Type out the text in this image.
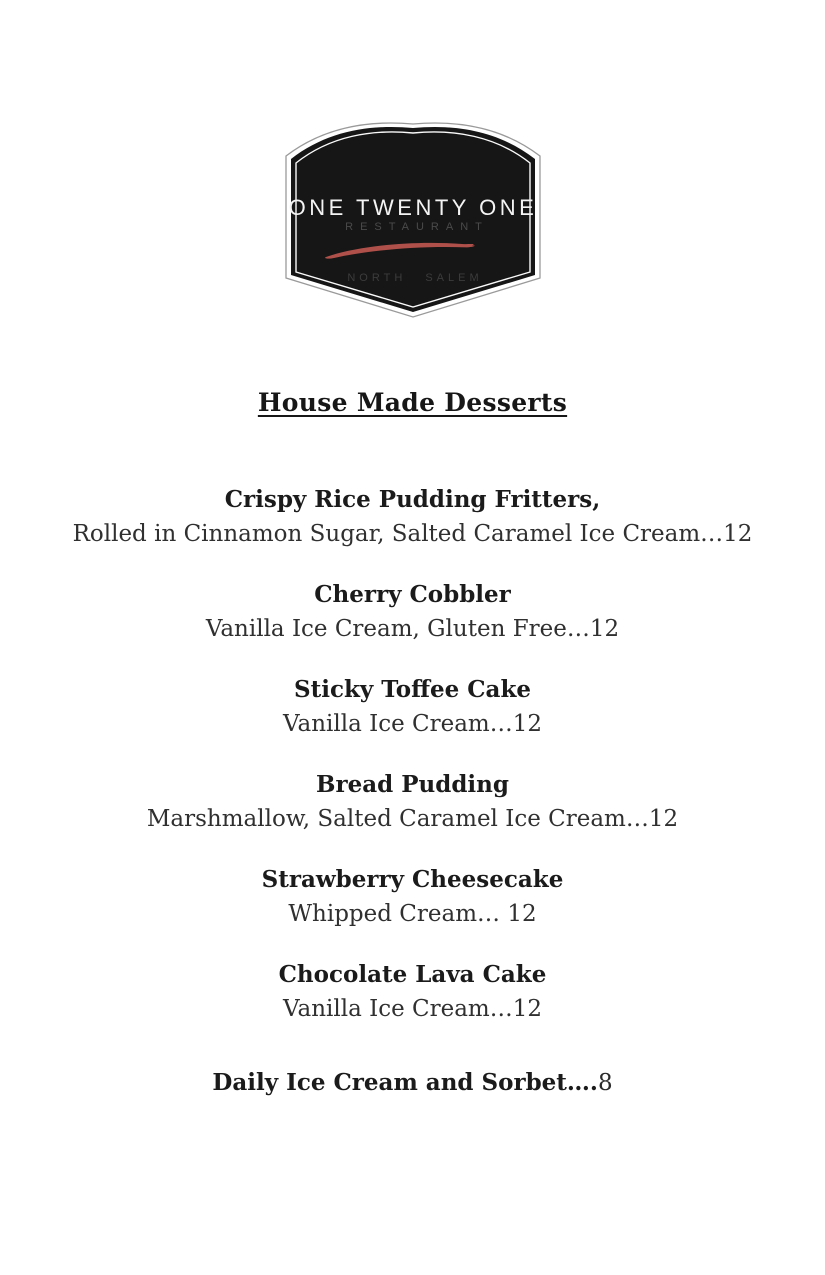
ONE TWENTY ONE
RESTAURANT
NORTH SALEM
House Made Desserts
Crispy Rice Pudding Fritters,
Rolled in Cinnamon Sugar, Salted Caramel Ice Cream…12
Cherry Cobbler
Vanilla Ice Cream, Gluten Free…12
Sticky Toffee Cake
Vanilla Ice Cream…12
Bread Pudding
Marshmallow, Salted Caramel Ice Cream…12
Strawberry Cheesecake
Whipped Cream… 12
Chocolate Lava Cake
Vanilla Ice Cream…12
Daily Ice Cream and Sorbet….8
